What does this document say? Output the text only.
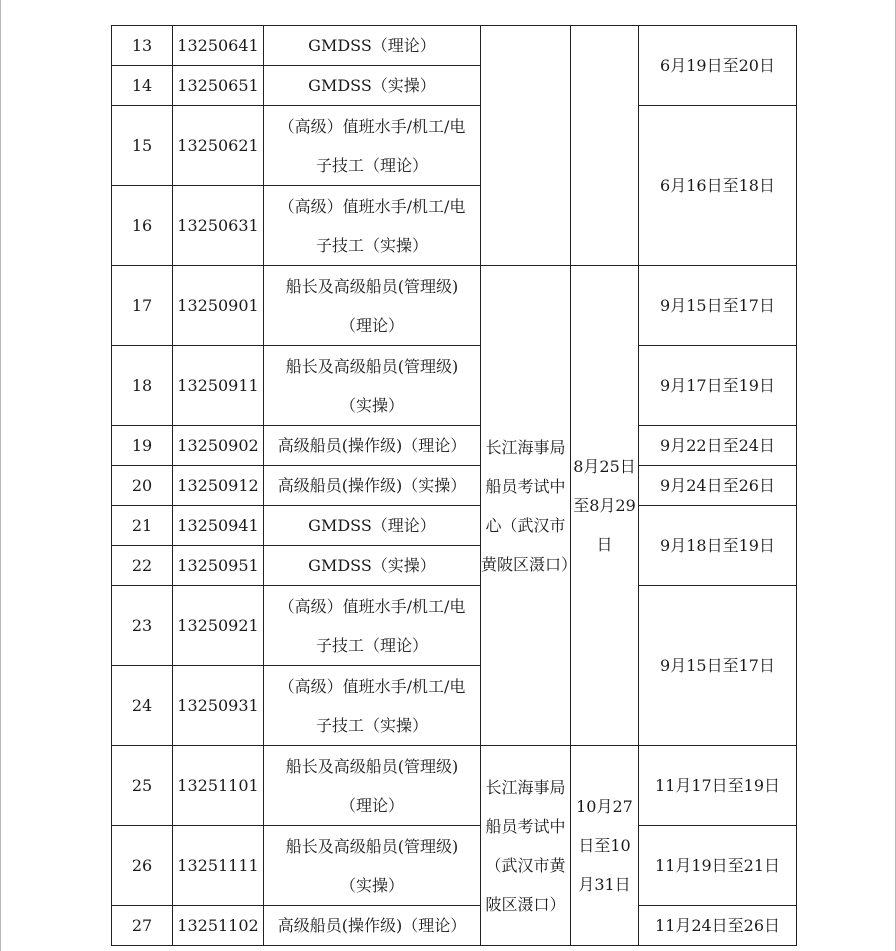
13	13250641	GMDSS（理论）			6月19日至20日
14	13250651	GMDSS（实操）			
15	13250621	（高级）值班水手/机工/电子技工（理论）			6月16日至18日
16	13250631	（高级）值班水手/机工/电子技工（实操）			
17	13250901	船长及高级船员(管理级)（理论）	长江海事局船员考试中心（武汉市黄陂区滠口）	8月25日至8月29日	9月15日至17日
18	13250911	船长及高级船员(管理级)（实操）			9月17日至19日
19	13250902	高级船员(操作级)（理论）			9月22日至24日
20	13250912	高级船员(操作级)（实操）			9月24日至26日
21	13250941	GMDSS（理论）			9月18日至19日
22	13250951	GMDSS（实操）			
23	13250921	（高级）值班水手/机工/电子技工（理论）			9月15日至17日
24	13250931	（高级）值班水手/机工/电子技工（实操）			
25	13251101	船长及高级船员(管理级)（理论）	长江海事局船员考试中（武汉市黄陂区滠口）	10月27日至10月31日	11月17日至19日
26	13251111	船长及高级船员(管理级)（实操）			11月19日至21日
27	13251102	高级船员(操作级)（理论）			11月24日至26日
